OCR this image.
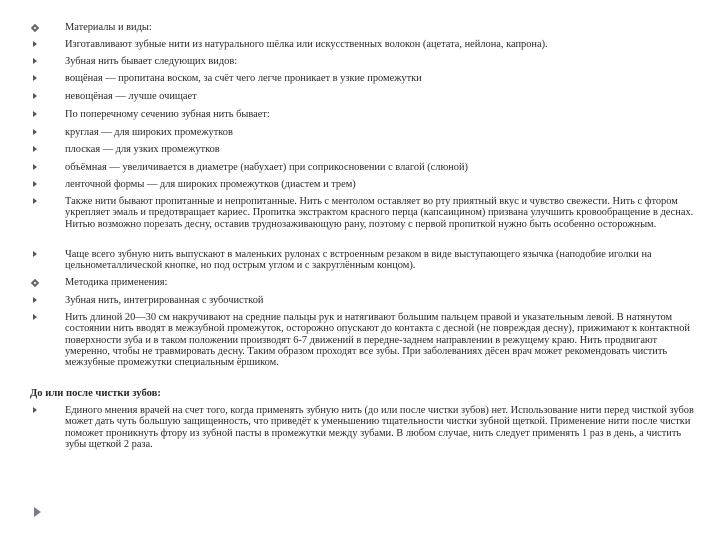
Материалы и виды:
Изготавливают зубные нити из натурального шёлка или искусственных волокон (ацетата, нейлона, капрона).
Зубная нить бывает следующих видов:
вощёная — пропитана воском, за счёт чего легче проникает в узкие промежутки
невощёная — лучше очищает
По поперечному сечению зубная нить бывает:
круглая — для широких промежутков
плоская — для узких промежутков
объёмная — увеличивается в диаметре (набухает) при соприкосновении с влагой (слюной)
ленточной формы — для широких промежутков (диастем и трем)
Также нити бывают пропитанные и непропитанные. Нить с ментолом оставляет во рту приятный вкус и чувство свежести. Нить с фтором укрепляет эмаль и предотвращает кариес. Пропитка экстрактом красного перца (капсаицином) призвана улучшить кровообращение в деснах. Нитью возможно порезать десну, оставив труднозаживающую рану, поэтому с первой пропиткой нужно быть особенно осторожным.
Чаще всего зубную нить выпускают в маленьких рулонах с встроенным резаком в виде выступающего язычка (наподобие иголки на цельнометаллической кнопке, но под острым углом и с закруглённым концом).
Методика применения:
Зубная нить, интегрированная с зубочисткой
Нить длиной 20—30 см накручивают на средние пальцы рук и натягивают большим пальцем правой и указательным левой. В натянутом состоянии нить вводят в межзубной промежуток, осторожно опускают до контакта с десной (не повреждая десну), прижимают к контактной поверхности зуба и в таком положении производят 6-7 движений в передне-заднем направлении в режущему краю. Нить продвигают умеренно, чтобы не травмировать десну. Таким образом проходят все зубы. При заболеваниях дёсен врач может рекомендовать чистить межзубные промежутки специальным ёршиком.
До или после чистки зубов:
Единого мнения врачей на счет того, когда применять зубную нить (до или после чистки зубов) нет. Использование нити перед чисткой зубов может дать чуть большую защищенность, что приведёт к уменьшению тщательности чистки зубной щеткой. Применение нити после чистки поможет проникнуть фтору из зубной пасты в промежутки между зубами. В любом случае, нить следует применять 1 раз в день, а чистить зубы щеткой 2 раза.
